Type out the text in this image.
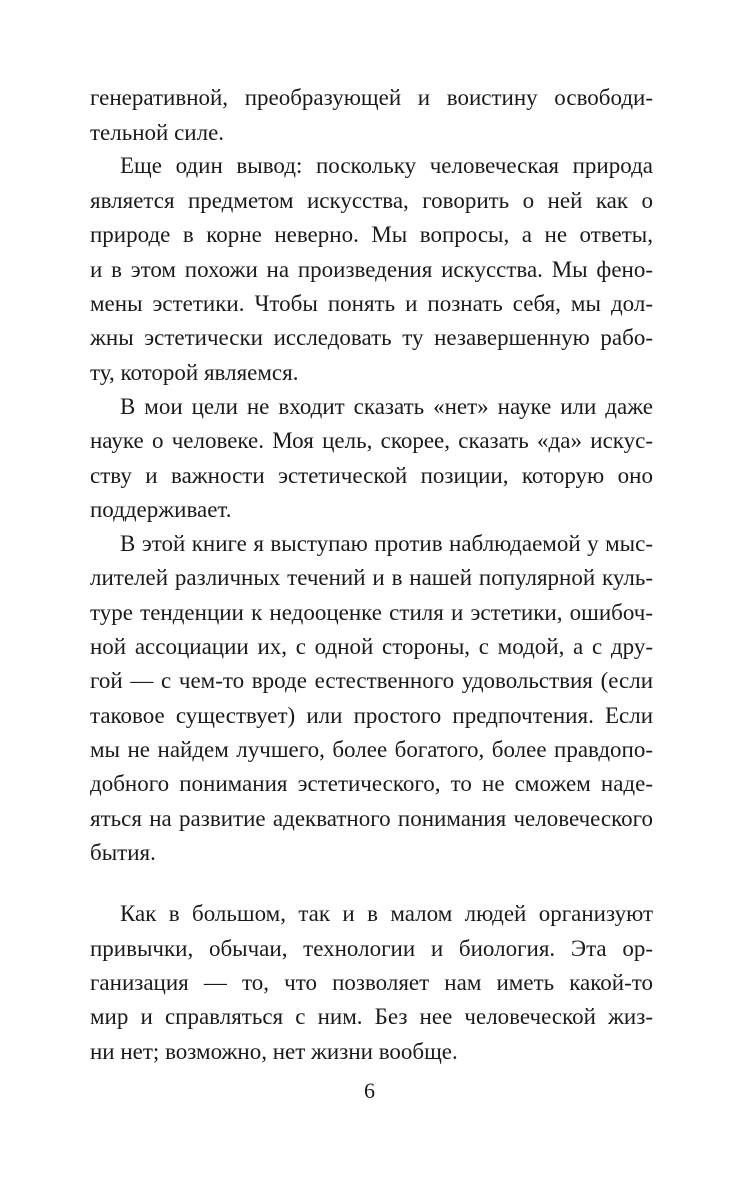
генеративной, преобразующей и воистину освободи-
тельной силе.
Еще один вывод: поскольку человеческая природа
является предметом искусства, говорить о ней как о
природе в корне неверно. Мы вопросы, а не ответы,
и в этом похожи на произведения искусства. Мы фено-
мены эстетики. Чтобы понять и познать себя, мы дол-
жны эстетически исследовать ту незавершенную рабо-
ту, которой являемся.
В мои цели не входит сказать «нет» науке или даже
науке о человеке. Моя цель, скорее, сказать «да» искус-
ству и важности эстетической позиции, которую оно
поддерживает.
В этой книге я выступаю против наблюдаемой у мыс-
лителей различных течений и в нашей популярной куль-
туре тенденции к недооценке стиля и эстетики, ошибоч-
ной ассоциации их, с одной стороны, с модой, а с дру-
гой — с чем-то вроде естественного удовольствия (если
таковое существует) или простого предпочтения. Если
мы не найдем лучшего, более богатого, более правдопо-
добного понимания эстетического, то не сможем наде-
яться на развитие адекватного понимания человеческого
бытия.
Как в большом, так и в малом людей организуют
привычки, обычаи, технологии и биология. Эта ор-
ганизация — то, что позволяет нам иметь какой-то
мир и справляться с ним. Без нее человеческой жиз-
ни нет; возможно, нет жизни вообще.
6
